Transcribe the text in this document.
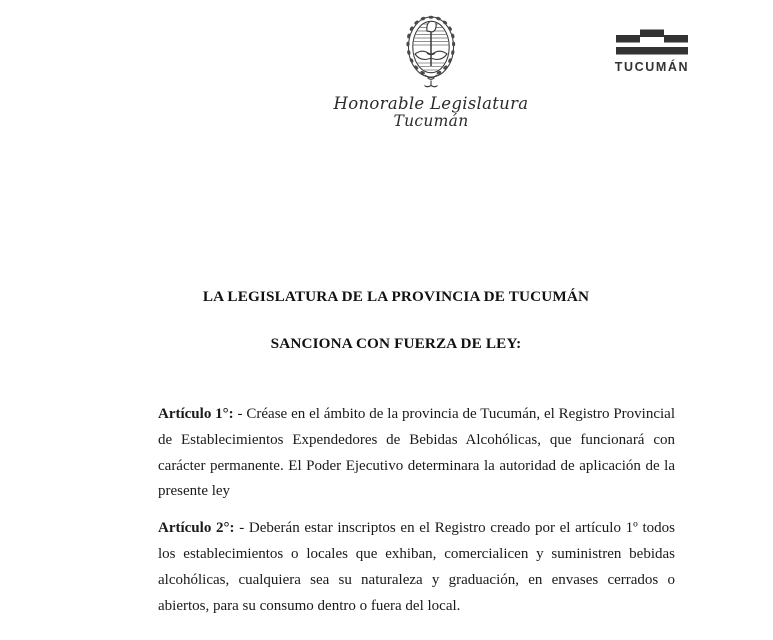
Honorable Legislatura
Tucumán
TUCUMÁN
LA LEGISLATURA DE LA PROVINCIA DE TUCUMÁN
SANCIONA CON FUERZA DE LEY:

Artículo 1°: - Créase en el ámbito de la provincia de Tucumán, el Registro Provincial de Establecimientos Expendedores de Bebidas Alcohólicas, que funcionará con carácter permanente. El Poder Ejecutivo determinara la autoridad de aplicación de la presente ley

Artículo 2°: - Deberán estar inscriptos en el Registro creado por el artículo 1º todos los establecimientos o locales que exhiban, comercialicen y suministren bebidas alcohólicas, cualquiera sea su naturaleza y graduación, en envases cerrados o abiertos, para su consumo dentro o fuera del local.
